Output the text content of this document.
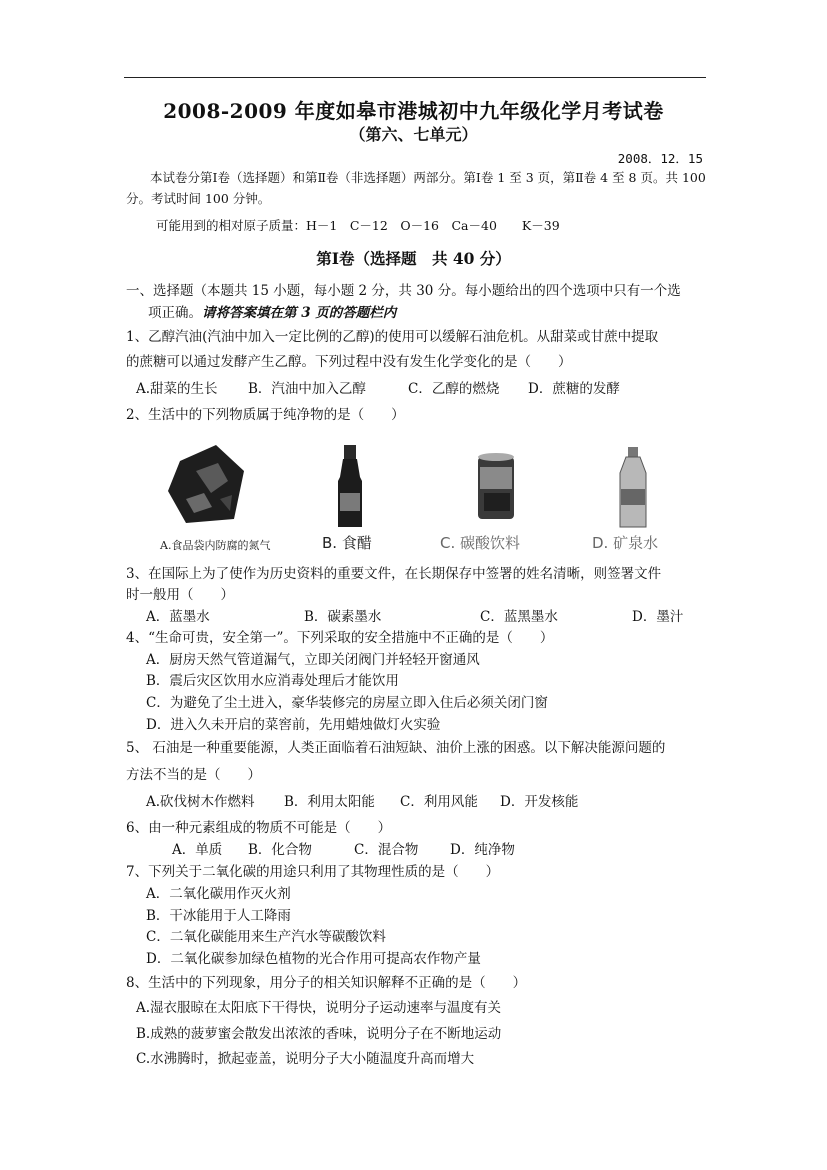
2008-2009 年度如皋市港城初中九年级化学月考试卷
（第六、七单元）
2008．12．15
本试卷分第Ⅰ卷（选择题）和第Ⅱ卷（非选择题）两部分。第Ⅰ卷 1 至 3 页，第Ⅱ卷 4 至 8 页。共 100
分。考试时间 100 分钟。
可能用到的相对原子质量：H－1　C－12　O－16　Ca－40　　K－39
第Ⅰ卷（选择题　共 40 分）
一、选择题（本题共 15 小题，每小题 2 分，共 30 分。每小题给出的四个选项中只有一个选
项正确。请将答案填在第 3 页的答题栏内
1、乙醇汽油(汽油中加入一定比例的乙醇)的使用可以缓解石油危机。从甜菜或甘蔗中提取
的蔗糖可以通过发酵产生乙醇。下列过程中没有发生化学变化的是（　　）
A.甜菜的生长 B．汽油中加入乙醇	C．乙醇的燃烧 D．蔗糖的发酵
2、生活中的下列物质属于纯净物的是（　　）
A.食品袋内防腐的氮气	B. 食醋	C. 碳酸饮料	D. 矿泉水
3、在国际上为了使作为历史资料的重要文件，在长期保存中签署的姓名清晰，则签署文件
时一般用（　　）
A．蓝墨水	B．碳素墨水	C．蓝黑墨水	D．墨汁
4、“生命可贵，安全第一”。下列采取的安全措施中不正确的是（　　）
A．厨房天然气管道漏气，立即关闭阀门并轻轻开窗通风
B．震后灾区饮用水应消毒处理后才能饮用
C．为避免了尘土进入，豪华装修完的房屋立即入住后必须关闭门窗
D．进入久未开启的菜窖前，先用蜡烛做灯火实验
5、 石油是一种重要能源，人类正面临着石油短缺、油价上涨的困惑。以下解决能源问题的
方法不当的是（　　）
A.砍伐树木作燃料 B．利用太阳能 C．利用风能 D．开发核能
6、由一种元素组成的物质不可能是（　　）
A．单质 B．化合物	C．混合物 D．纯净物
7、下列关于二氧化碳的用途只利用了其物理性质的是（　　）
A．二氧化碳用作灭火剂
B．干冰能用于人工降雨
C．二氧化碳能用来生产汽水等碳酸饮料
D．二氧化碳参加绿色植物的光合作用可提高农作物产量
8、生活中的下列现象，用分子的相关知识解释不正确的是（　　）
A.湿衣服晾在太阳底下干得快，说明分子运动速率与温度有关
B.成熟的菠萝蜜会散发出浓浓的香味，说明分子在不断地运动
C.水沸腾时，掀起壶盖，说明分子大小随温度升高而增大
